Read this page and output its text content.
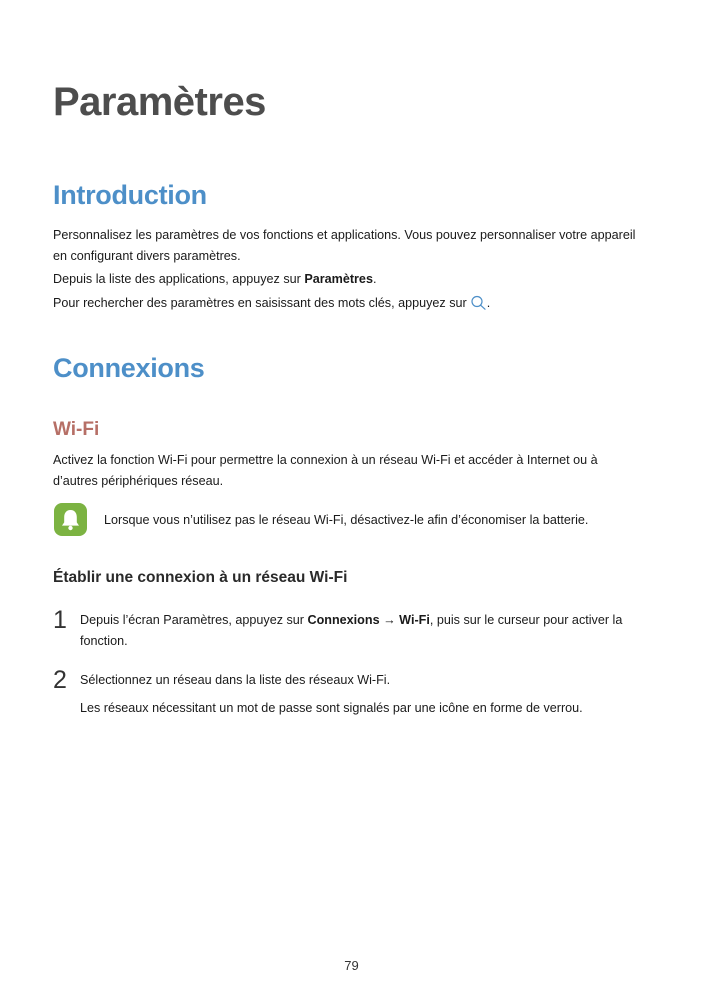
Paramètres
Introduction

Personnalisez les paramètres de vos fonctions et applications. Vous pouvez personnaliser votre appareil en configurant divers paramètres.

Depuis la liste des applications, appuyez sur Paramètres.

Pour rechercher des paramètres en saisissant des mots clés, appuyez sur .

Connexions
Wi-Fi

Activez la fonction Wi-Fi pour permettre la connexion à un réseau Wi-Fi et accéder à Internet ou à d’autres périphériques réseau.

Lorsque vous n’utilisez pas le réseau Wi-Fi, désactivez-le afin d’économiser la batterie.

Établir une connexion à un réseau Wi-Fi
1 Depuis l’écran Paramètres, appuyez sur Connexions → Wi-Fi, puis sur le curseur pour activer la fonction.

2 Sélectionnez un réseau dans la liste des réseaux Wi-Fi.

Les réseaux nécessitant un mot de passe sont signalés par une icône en forme de verrou.

79
